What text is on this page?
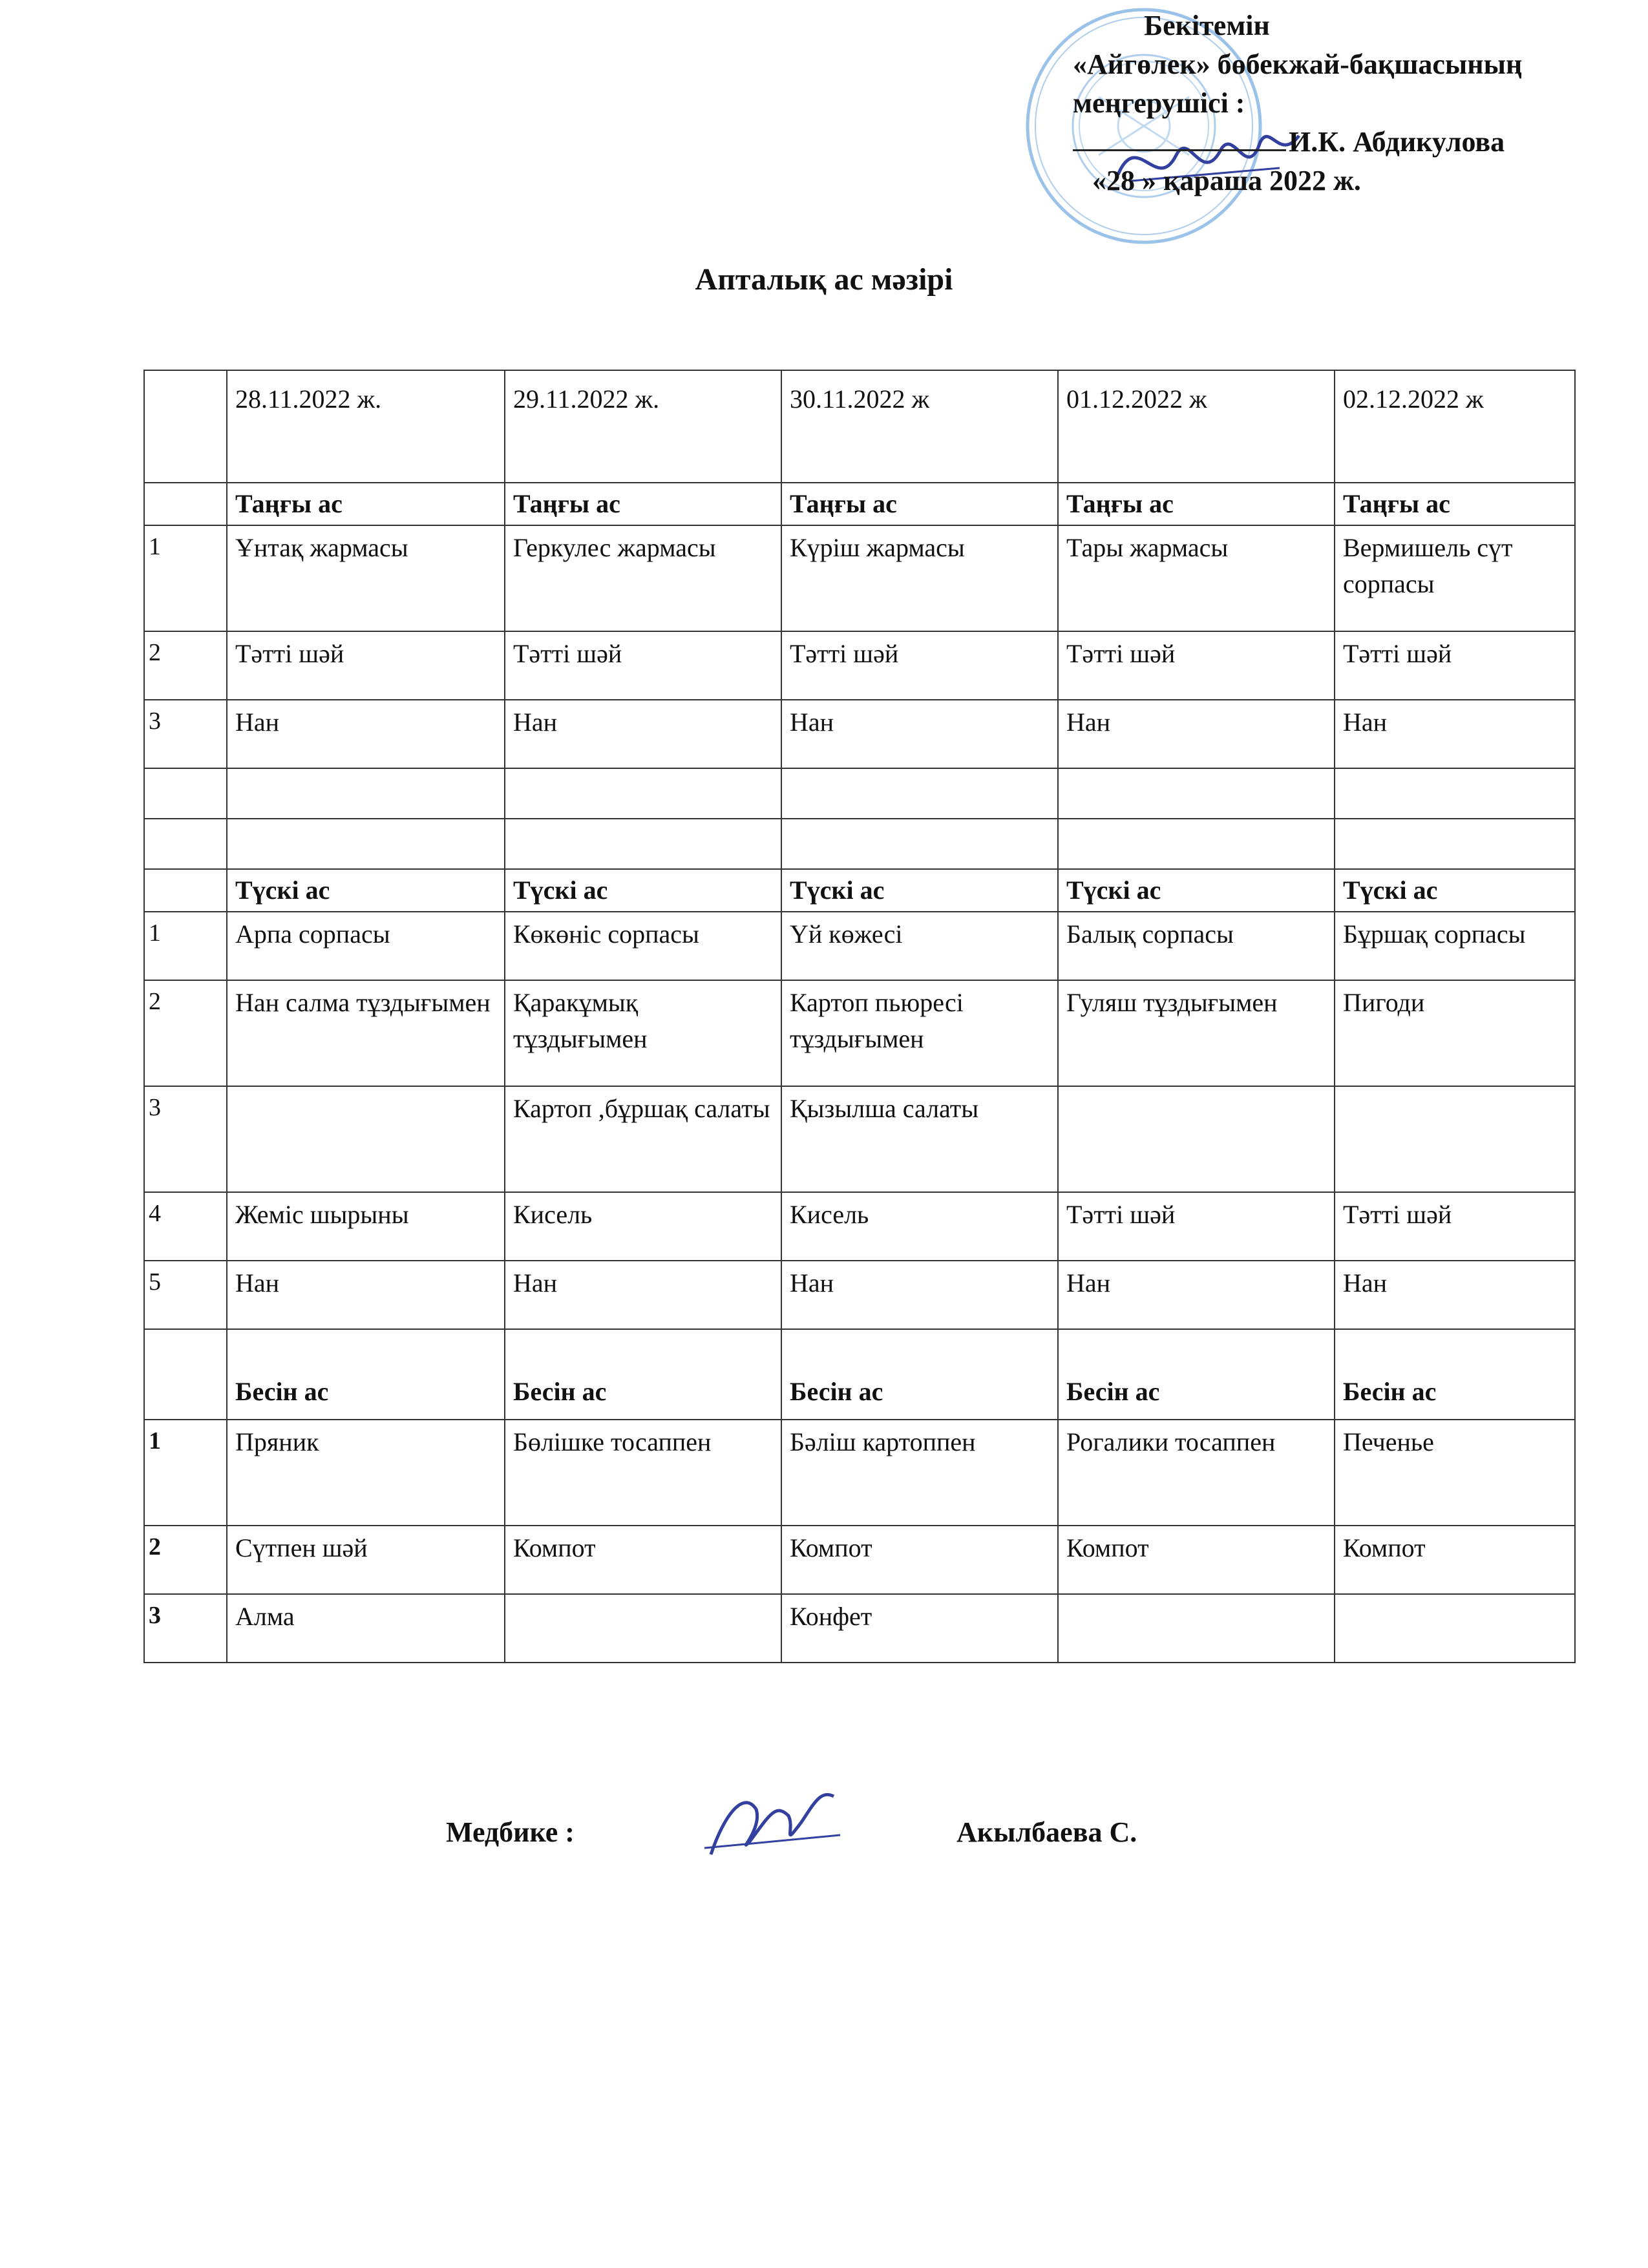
Бекітемін
«Айгөлек» бөбекжай-бақшасының
меңгерушісі :
И.К. Абдикулова
«28 » қараша 2022 ж.
Апталық ас мәзірі
	28.11.2022 ж.	29.11.2022 ж.	30.11.2022 ж	01.12.2022 ж	02.12.2022 ж
	Таңғы ас	Таңғы ас	Таңғы ас	Таңғы ас	Таңғы ас
1	Ұнтақ жармасы	Геркулес жармасы	Күріш жармасы	Тары жармасы	Вермишель сүт сорпасы
2	Тәтті шәй	Тәтті шәй	Тәтті шәй	Тәтті шәй	Тәтті шәй
3	Нан	Нан	Нан	Нан	Нан

	Түскі ас	Түскі ас	Түскі ас	Түскі ас	Түскі ас
1	Арпа сорпасы	Көкөніс сорпасы	Үй көжесі	Балық сорпасы	Бұршақ сорпасы
2	Нан салма тұздығымен	Қаракұмық тұздығымен	Картоп пьюресі тұздығымен	Гуляш тұздығымен	Пигоди
3		Картоп ,бұршақ салаты	Қызылша салаты		
4	Жеміс шырыны	Кисель	Кисель	Тәтті шәй	Тәтті шәй
5	Нан	Нан	Нан	Нан	Нан
	Бесін ас	Бесін ас	Бесін ас	Бесін ас	Бесін ас
1	Пряник	Бөлішке тосаппен	Бәліш картоппен	Рогалики тосаппен	Печенье
2	Сүтпен шәй	Компот	Компот	Компот	Компот
3	Алма		Конфет		
Медбике :	Акылбаева С.
